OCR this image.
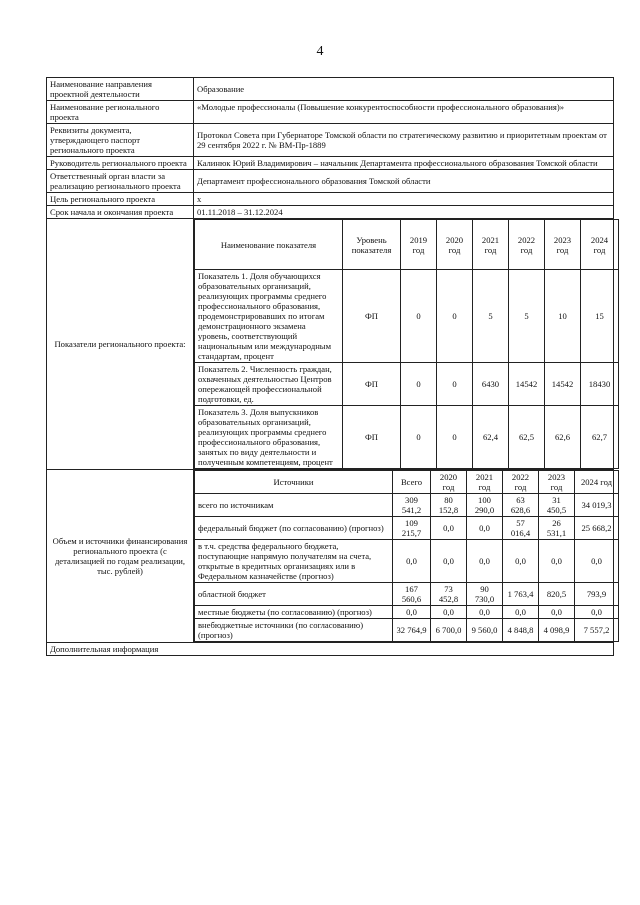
4
Наименование направления проектной деятельности	Образование
Наименование регионального проекта	«Молодые профессионалы (Повышение конкурентоспособности профессионального образования)»
Реквизиты документа, утверждающего паспорт регионального проекта	Протокол Совета при Губернаторе Томской области по стратегическому развитию и приоритетным проектам от 29 сентября 2022 г. № ВМ-Пр-1889
Руководитель регионального проекта	Калинюк Юрий Владимирович – начальник Департамента профессионального образования Томской области
Ответственный орган власти за реализацию регионального проекта	Департамент профессионального образования Томской области
Цель регионального проекта	х
Срок начала и окончания проекта	01.11.2018 – 31.12.2024
Показатели регионального проекта:	
Наименование показателя	Уровень показателя	2019 год	2020 год	2021 год	2022 год	2023 год	2024 год
Показатель 1. Доля обучающихся образовательных организаций, реализующих программы среднего профессионального образования, продемонстрировавших по итогам демонстрационного экзамена уровень, соответствующий национальным или международным стандартам, процент	ФП	0	0	5	5	10	15
Показатель 2. Численность граждан, охваченных деятельностью Центров опережающей профессиональной подготовки, ед.	ФП	0	0	6430	14542	14542	18430
Показатель 3. Доля выпускников образовательных организаций, реализующих программы среднего профессионального образования, занятых по виду деятельности и полученным компетенциям, процент	ФП	0	0	62,4	62,5	62,6	62,7

Объем и источники финансирования регионального проекта (с детализацией по годам реализации, тыс. рублей)	
Источники	Всего	2020 год	2021 год	2022 год	2023 год	2024 год
всего по источникам	309 541,2	80 152,8	100 290,0	63 628,6	31 450,5	34 019,3
федеральный бюджет (по согласованию) (прогноз)	109 215,7	0,0	0,0	57 016,4	26 531,1	25 668,2
в т.ч. средства федерального бюджета, поступающие напрямую получателям на счета, открытые в кредитных организациях или в Федеральном казначействе (прогноз)	0,0	0,0	0,0	0,0	0,0	0,0
областной бюджет	167 560,6	73 452,8	90 730,0	1 763,4	820,5	793,9
местные бюджеты (по согласованию) (прогноз)	0,0	0,0	0,0	0,0	0,0	0,0
внебюджетные источники (по согласованию) (прогноз)	32 764,9	6 700,0	9 560,0	4 848,8	4 098,9	7 557,2

Дополнительная информация
